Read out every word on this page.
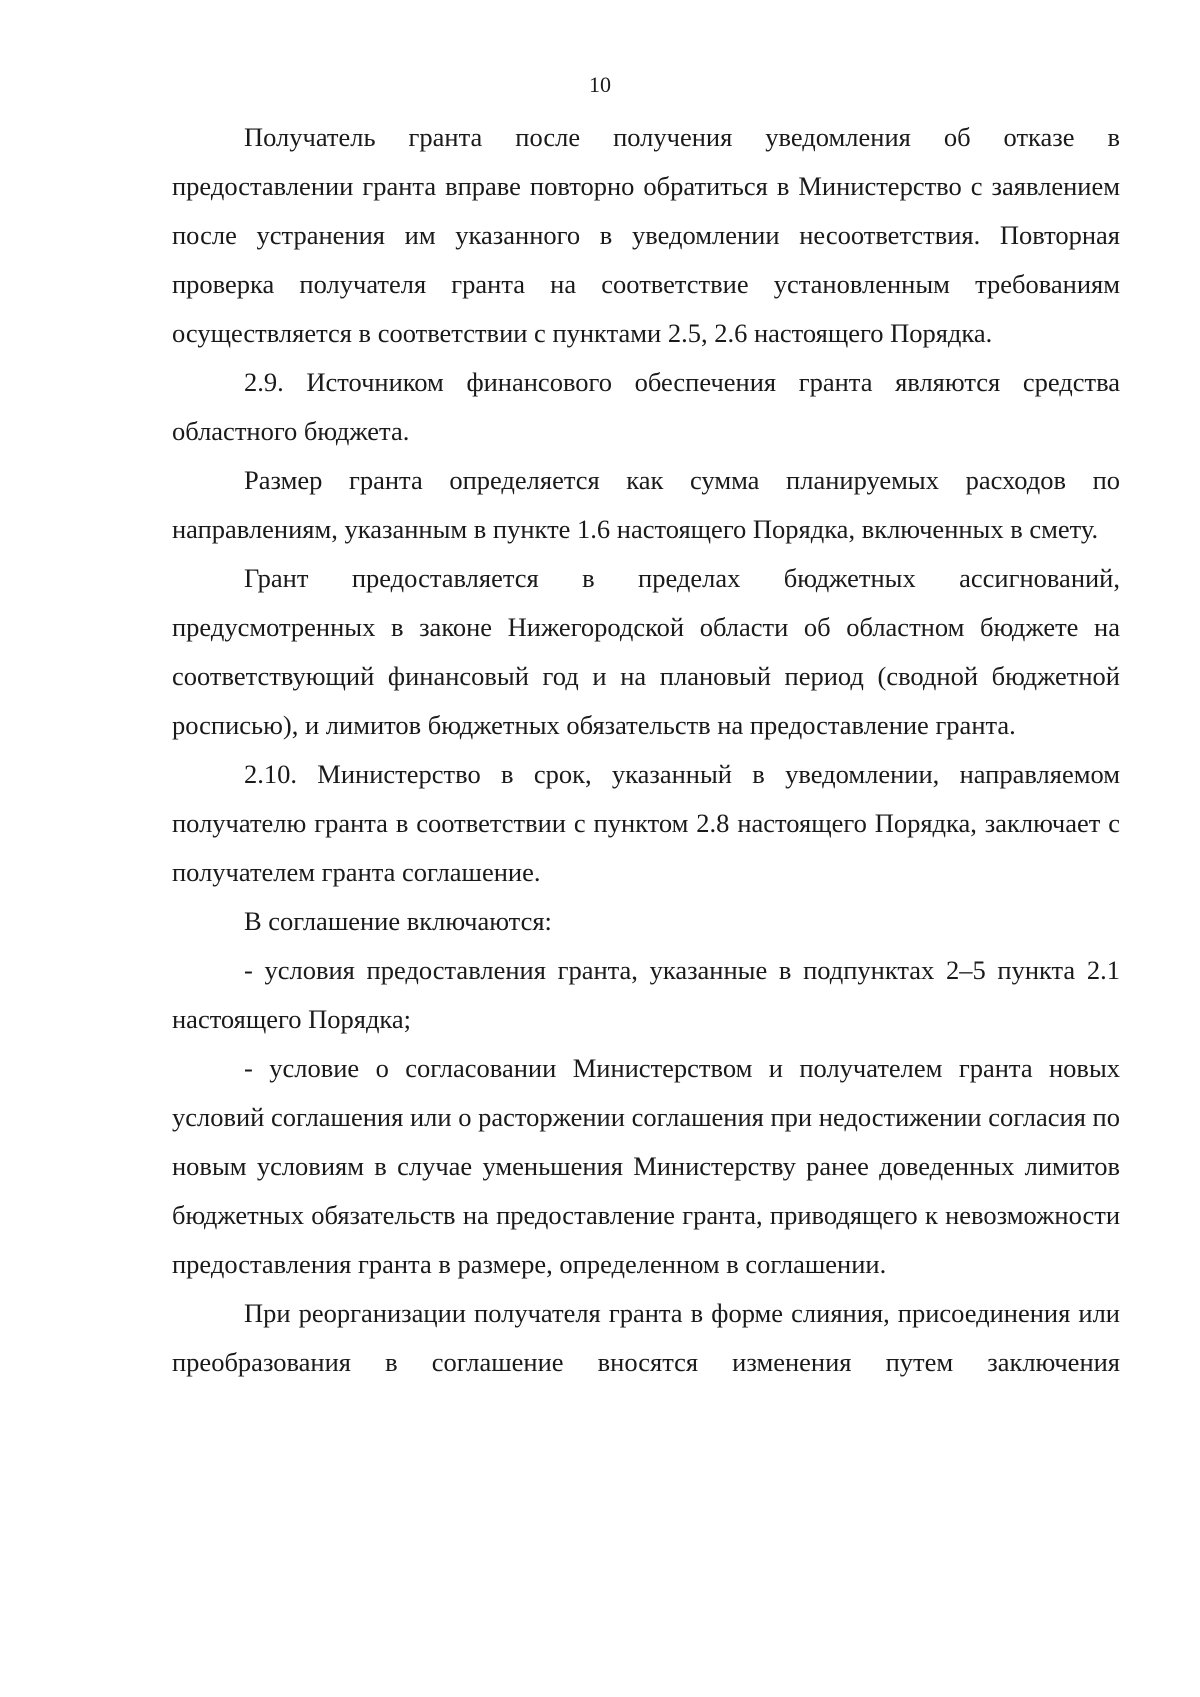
10

Получатель гранта после получения уведомления об отказе в предоставлении гранта вправе повторно обратиться в Министерство с заявлением после устранения им указанного в уведомлении несоответствия. Повторная проверка получателя гранта на соответствие установленным требованиям осуществляется в соответствии с пунктами 2.5, 2.6 настоящего Порядка.

2.9. Источником финансового обеспечения гранта являются средства областного бюджета.

Размер гранта определяется как сумма планируемых расходов по направлениям, указанным в пункте 1.6 настоящего Порядка, включенных в смету.

Грант предоставляется в пределах бюджетных ассигнований, предусмотренных в законе Нижегородской области об областном бюджете на соответствующий финансовый год и на плановый период (сводной бюджетной росписью), и лимитов бюджетных обязательств на предоставление гранта.

2.10. Министерство в срок, указанный в уведомлении, направляемом получателю гранта в соответствии с пунктом 2.8 настоящего Порядка, заключает с получателем гранта соглашение.

В соглашение включаются:

- условия предоставления гранта, указанные в подпунктах 2–5 пункта 2.1 настоящего Порядка;

- условие о согласовании Министерством и получателем гранта новых условий соглашения или о расторжении соглашения при недостижении согласия по новым условиям в случае уменьшения Министерству ранее доведенных лимитов бюджетных обязательств на предоставление гранта, приводящего к невозможности предоставления гранта в размере, определенном в соглашении.

При реорганизации получателя гранта в форме слияния, присоединения или преобразования в соглашение вносятся изменения путем заключения
